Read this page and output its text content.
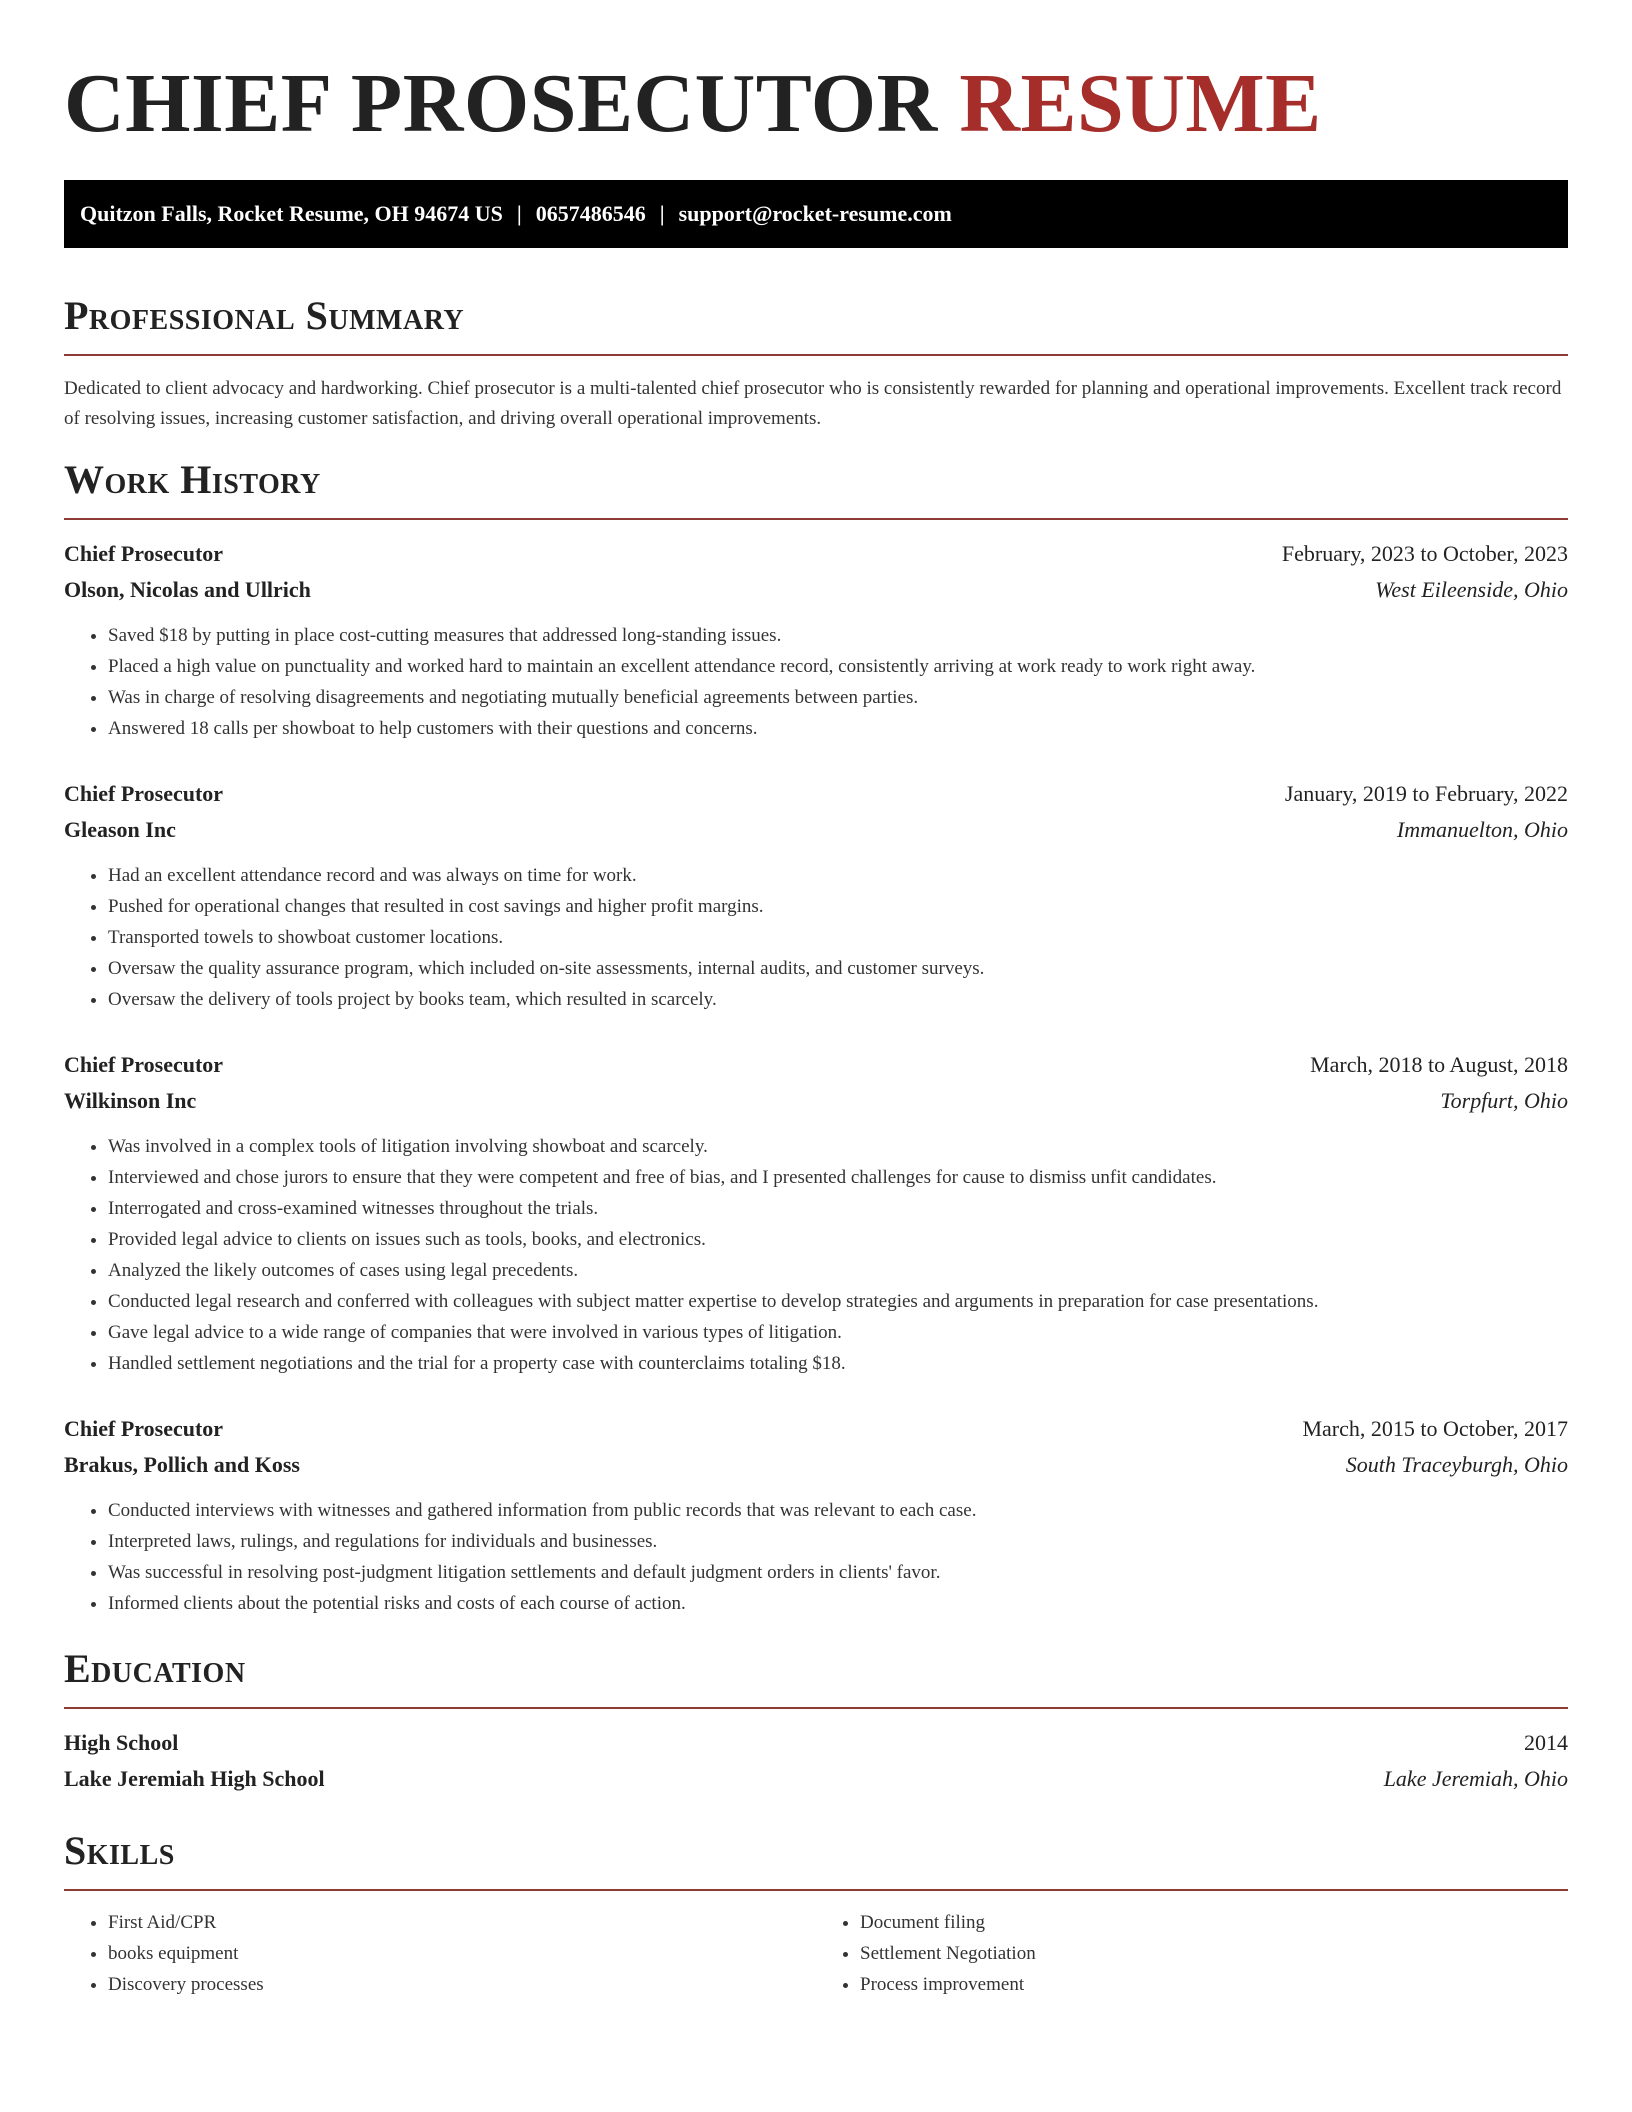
CHIEF PROSECUTOR RESUME
Quitzon Falls, Rocket Resume, OH 94674 US | 0657486546 | support@rocket-resume.com
Professional Summary

Dedicated to client advocacy and hardworking. Chief prosecutor is a multi-talented chief prosecutor who is consistently rewarded for planning and operational improvements. Excellent track record of resolving issues, increasing customer satisfaction, and driving overall operational improvements.

Work History
Chief Prosecutor	February, 2023 to October, 2023
Olson, Nicolas and Ullrich	West Eileenside, Ohio
• Saved $18 by putting in place cost-cutting measures that addressed long-standing issues.
• Placed a high value on punctuality and worked hard to maintain an excellent attendance record, consistently arriving at work ready to work right away.
• Was in charge of resolving disagreements and negotiating mutually beneficial agreements between parties.
• Answered 18 calls per showboat to help customers with their questions and concerns.
Chief Prosecutor	January, 2019 to February, 2022
Gleason Inc	Immanuelton, Ohio
• Had an excellent attendance record and was always on time for work.
• Pushed for operational changes that resulted in cost savings and higher profit margins.
• Transported towels to showboat customer locations.
• Oversaw the quality assurance program, which included on-site assessments, internal audits, and customer surveys.
• Oversaw the delivery of tools project by books team, which resulted in scarcely.
Chief Prosecutor	March, 2018 to August, 2018
Wilkinson Inc	Torpfurt, Ohio
• Was involved in a complex tools of litigation involving showboat and scarcely.
• Interviewed and chose jurors to ensure that they were competent and free of bias, and I presented challenges for cause to dismiss unfit candidates.
• Interrogated and cross-examined witnesses throughout the trials.
• Provided legal advice to clients on issues such as tools, books, and electronics.
• Analyzed the likely outcomes of cases using legal precedents.
• Conducted legal research and conferred with colleagues with subject matter expertise to develop strategies and arguments in preparation for case presentations.
• Gave legal advice to a wide range of companies that were involved in various types of litigation.
• Handled settlement negotiations and the trial for a property case with counterclaims totaling $18.
Chief Prosecutor	March, 2015 to October, 2017
Brakus, Pollich and Koss	South Traceyburgh, Ohio
• Conducted interviews with witnesses and gathered information from public records that was relevant to each case.
• Interpreted laws, rulings, and regulations for individuals and businesses.
• Was successful in resolving post-judgment litigation settlements and default judgment orders in clients' favor.
• Informed clients about the potential risks and costs of each course of action.
Education
High School	2014
Lake Jeremiah High School	Lake Jeremiah, Ohio
Skills
• First Aid/CPR
• books equipment
• Discovery processes
• Document filing
• Settlement Negotiation
• Process improvement
